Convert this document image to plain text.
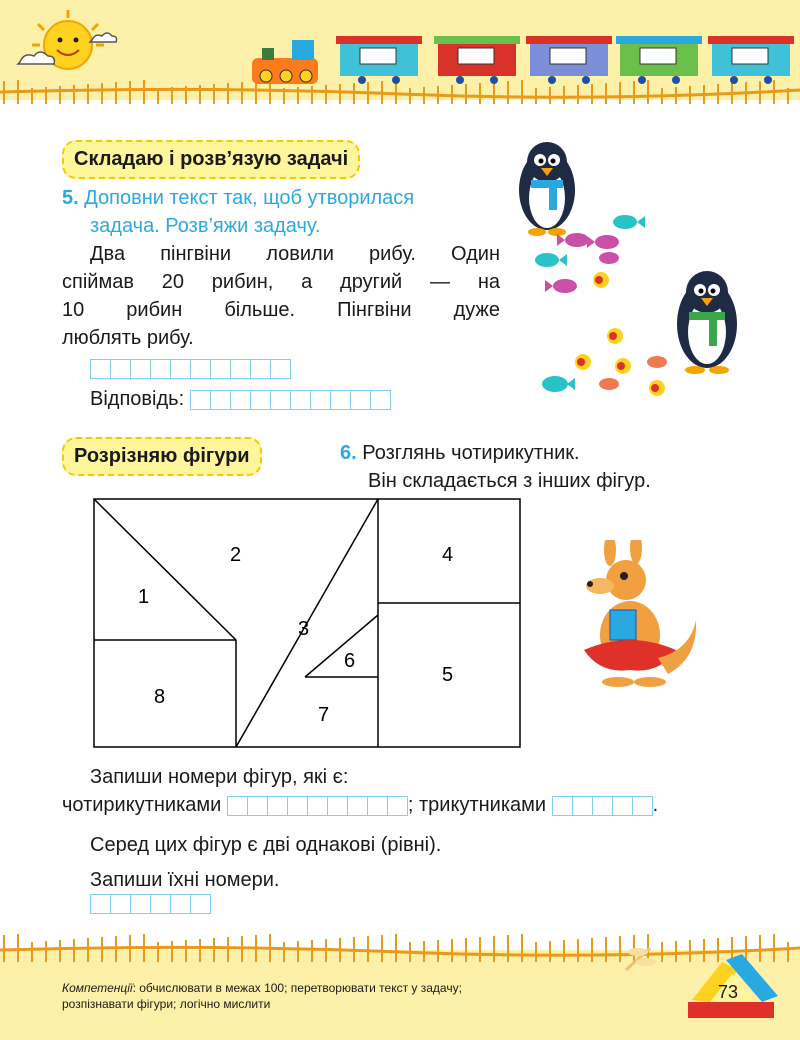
Складаю і розв’язую задачі
5. Доповни текст так, щоб утворилася
задача. Розв’яжи задачу.
Два пінгвіни ловили рибу. Один
спіймав 20 рибин, а другий — на
10 рибин більше. Пінгвіни дуже
люблять рибу.
Відповідь:
Розрізняю фігури	6. Розглянь чотирикутник.
Він складається з інших фігур.
1
2
3
4
5
6
7
8
Запиши номери фігур, які є:
чотирикутниками	; трикутниками	.
Серед цих фігур є дві однакові (рівні).
Запиши їхні номери.
Компетенції: обчислювати в межах 100; перетворювати текст у задачу;
розпізнавати фігури; логічно мислити
73
